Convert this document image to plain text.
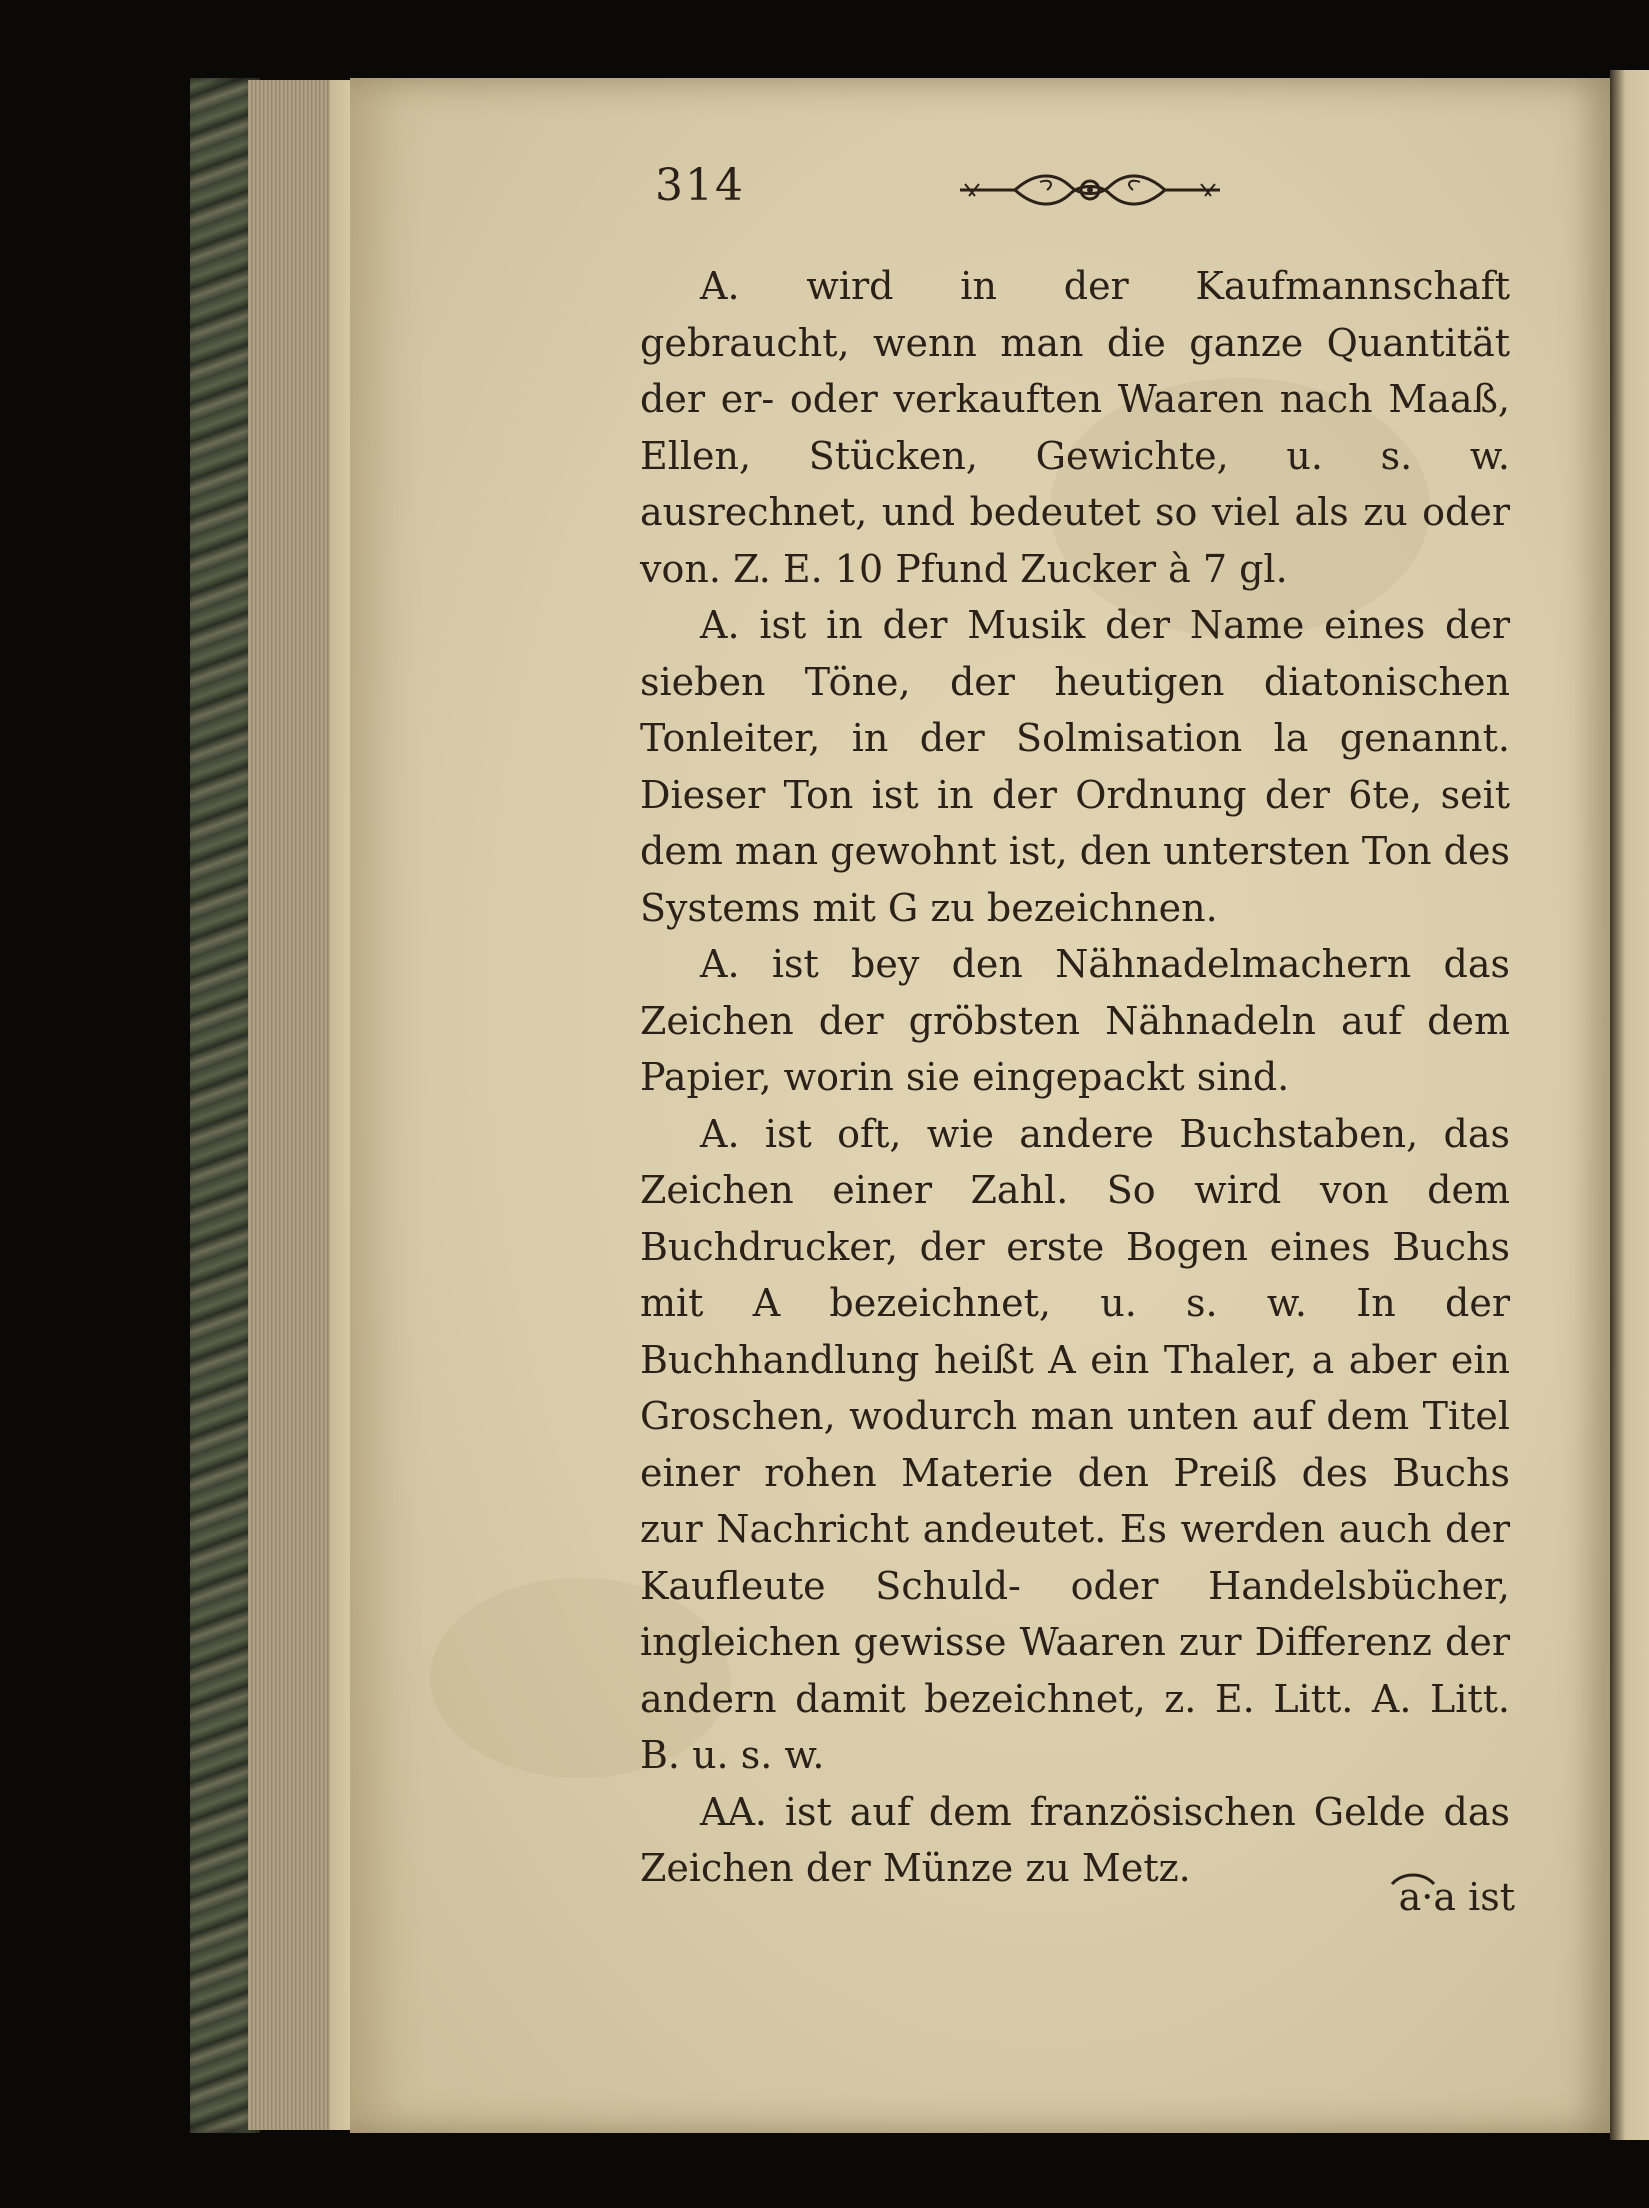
314

A. wird in der Kaufmannschaft gebraucht, wenn man die ganze Quantität der er- oder verkauften Waaren nach Maaß, Ellen, Stücken, Gewichte, u. s. w. ausrechnet, und bedeutet so viel als zu oder von. Z. E. 10 Pfund Zucker à 7 gl.

A. ist in der Musik der Name eines der sieben Töne, der heutigen diatonischen Tonleiter, in der Solmisation la genannt. Dieser Ton ist in der Ordnung der 6te, seit dem man gewohnt ist, den untersten Ton des Systems mit G zu bezeichnen.

A. ist bey den Nähnadelmachern das Zeichen der gröbsten Nähnadeln auf dem Papier, worin sie eingepackt sind.

A. ist oft, wie andere Buchstaben, das Zeichen einer Zahl. So wird von dem Buchdrucker, der erste Bogen eines Buchs mit A bezeichnet, u. s. w. In der Buchhandlung heißt A ein Thaler, a aber ein Groschen, wodurch man unten auf dem Titel einer rohen Materie den Preiß des Buchs zur Nachricht andeutet. Es werden auch der Kaufleute Schuld- oder Handelsbücher, ingleichen gewisse Waaren zur Differenz der andern damit bezeichnet, z. E. Litt. A. Litt. B. u. s. w.

AA. ist auf dem französischen Gelde das Zeichen der Münze zu Metz.

a·a ist
